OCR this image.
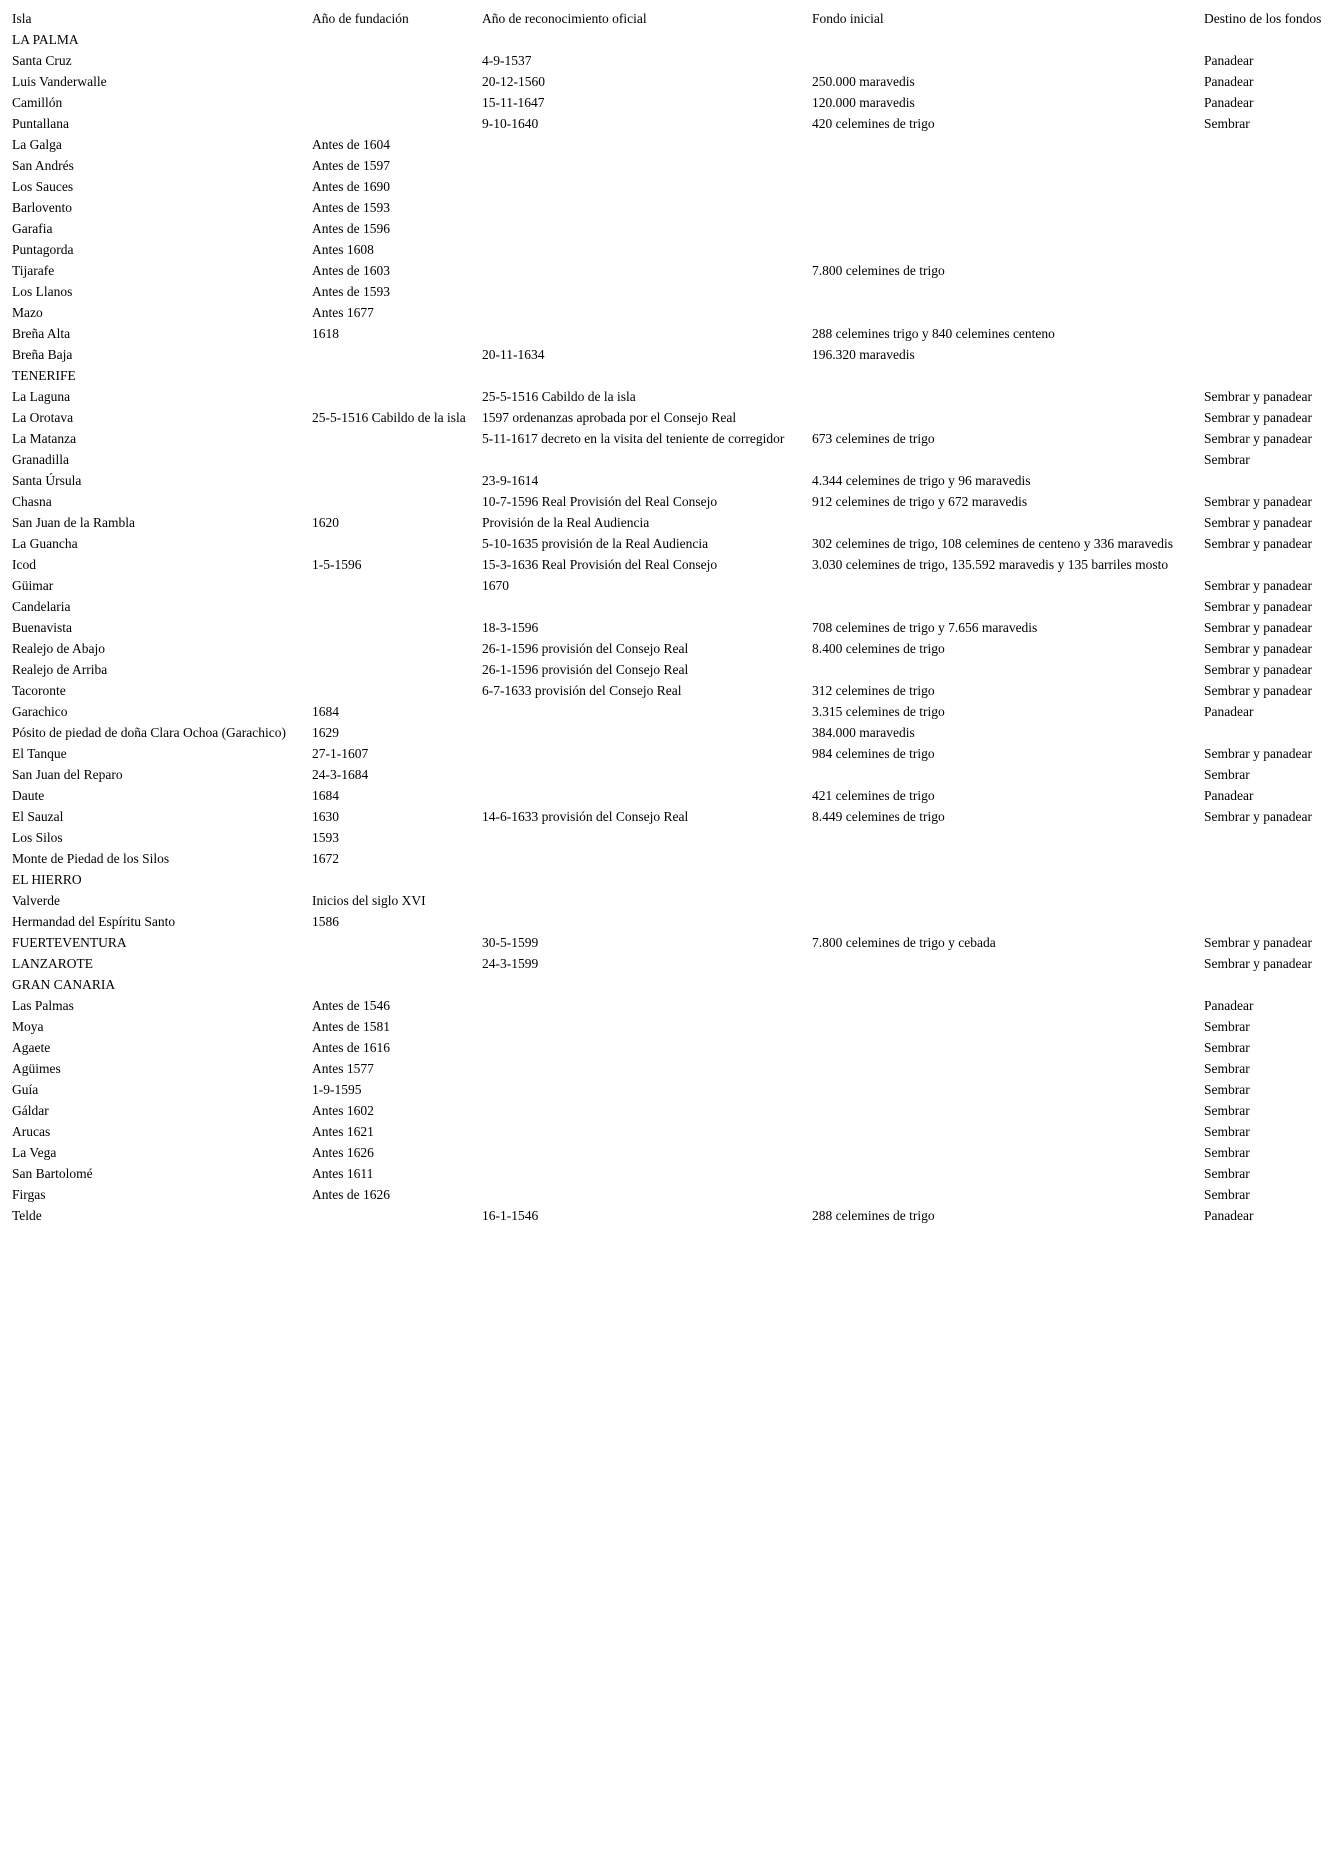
Isla	Año de fundación	Año de reconocimiento oficial	Fondo inicial	Destino de los fondos
LA PALMA				
Santa Cruz		4-9-1537		Panadear
Luis Vanderwalle		20-12-1560	250.000 maravedis	Panadear
Camillón		15-11-1647	120.000 maravedis	Panadear
Puntallana		9-10-1640	420 celemines de trigo	Sembrar
La Galga	Antes de 1604			
San Andrés	Antes de 1597			
Los Sauces	Antes de 1690			
Barlovento	Antes de 1593			
Garafia	Antes de 1596			
Puntagorda	Antes 1608			
Tijarafe	Antes de 1603		7.800 celemines de trigo	
Los Llanos	Antes de 1593			
Mazo	Antes 1677			
Breña Alta	1618		288 celemines trigo y 840 celemines centeno	
Breña Baja		20-11-1634	196.320 maravedis	
TENERIFE				
La Laguna		25-5-1516 Cabildo de la isla		Sembrar y panadear
La Orotava	25-5-1516 Cabildo de la isla	1597 ordenanzas aprobada por el Consejo Real		Sembrar y panadear
La Matanza		5-11-1617 decreto en la visita del teniente de corregidor	673 celemines de trigo	Sembrar y panadear
Granadilla				Sembrar
Santa Úrsula		23-9-1614	4.344 celemines de trigo y 96 maravedis	
Chasna		10-7-1596 Real Provisión del Real Consejo	912 celemines de trigo y 672 maravedis	Sembrar y panadear
San Juan de la Rambla	1620	Provisión de la Real Audiencia		Sembrar y panadear
La Guancha		5-10-1635 provisión de la Real Audiencia	302 celemines de trigo, 108 celemines de centeno y 336 maravedis	Sembrar y panadear
Icod	1-5-1596	15-3-1636 Real Provisión del Real Consejo	3.030 celemines de trigo, 135.592 maravedis y 135 barriles mosto	
Güimar		1670		Sembrar y panadear
Candelaria				Sembrar y panadear
Buenavista		18-3-1596	708 celemines de trigo y 7.656 maravedis	Sembrar y panadear
Realejo de Abajo		26-1-1596 provisión del Consejo Real	8.400 celemines de trigo	Sembrar y panadear
Realejo de Arriba		26-1-1596 provisión del Consejo Real		Sembrar y panadear
Tacoronte		6-7-1633 provisión del Consejo Real	312 celemines de trigo	Sembrar y panadear
Garachico	1684		3.315 celemines de trigo	Panadear
Pósito de piedad de doña Clara Ochoa (Garachico)	1629		384.000 maravedis	
El Tanque	27-1-1607		984 celemines de trigo	Sembrar y panadear
San Juan del Reparo	24-3-1684			Sembrar
Daute	1684		421 celemines de trigo	Panadear
El Sauzal	1630	14-6-1633 provisión del Consejo Real	8.449 celemines de trigo	Sembrar y panadear
Los Silos	1593			
Monte de Piedad de los Silos	1672			
EL HIERRO				
Valverde	Inicios del siglo XVI			
Hermandad del Espíritu Santo	1586			
FUERTEVENTURA		30-5-1599	7.800 celemines de trigo y cebada	Sembrar y panadear
LANZAROTE		24-3-1599		Sembrar y panadear
GRAN CANARIA				
Las Palmas	Antes de 1546			Panadear
Moya	Antes de 1581			Sembrar
Agaete	Antes de 1616			Sembrar
Agüimes	Antes 1577			Sembrar
Guía	1-9-1595			Sembrar
Gáldar	Antes 1602			Sembrar
Arucas	Antes 1621			Sembrar
La Vega	Antes 1626			Sembrar
San Bartolomé	Antes 1611			Sembrar
Firgas	Antes de 1626			Sembrar
Telde		16-1-1546	288 celemines de trigo	Panadear
